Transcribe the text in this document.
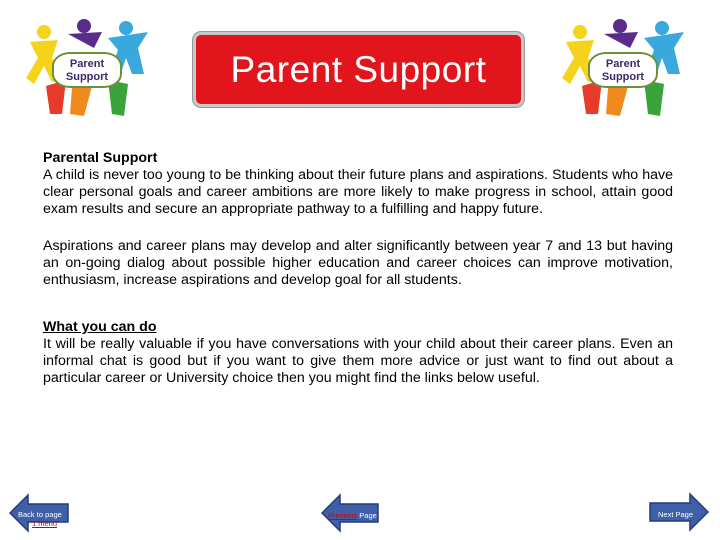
Parent
Support
Parent
Support
Parent Support

Parental Support

A child is never too young to be thinking about their future plans and aspirations. Students who have clear personal goals and career ambitions are more likely to make progress in school, attain good exam results and secure an appropriate pathway to a fulfilling and happy future.

Aspirations and career plans may develop and alter significantly between year 7 and 13 but having an on-going dialog about possible higher education and career choices can improve motivation, enthusiasm, increase aspirations and develop goal for all students.

What you can do

It will be really valuable if you have conversations with your child about their career plans. Even an informal chat is good but if you want to give them more advice or just want to find out about a particular career or University choice then you might find the links below useful.

Back to page
1 menu
Previous Page	Next Page
